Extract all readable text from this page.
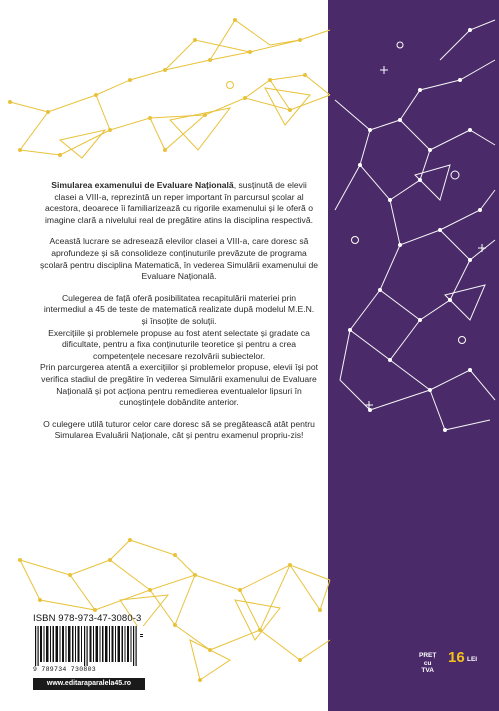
Simularea examenului de Evaluare Națională, susținută de elevii clasei a VIII-a, reprezintă un reper important în parcursul școlar al acestora, deoarece îi familiarizează cu rigorile examenului și le oferă o imagine clară a nivelului real de pregătire atins la disciplina respectivă.

Această lucrare se adresează elevilor clasei a VIII-a, care doresc să aprofundeze și să consolideze conținuturile prevăzute de programa școlară pentru disciplina Matematică, în vederea Simulării examenului de Evaluare Națională.

Culegerea de față oferă posibilitatea recapitulării materiei prin intermediul a 45 de teste de matematică realizate după modelul M.E.N. și însoțite de soluții.

Exercițiile și problemele propuse au fost atent selectate și gradate ca dificultate, pentru a fixa conținuturile teoretice și pentru a crea competențele necesare rezolvării subiectelor.

Prin parcurgerea atentă a exercițiilor și problemelor propuse, elevii își pot verifica stadiul de pregătire în vederea Simulării examenului de Evaluare Națională și pot acționa pentru remedierea eventualelor lipsuri în cunoștințele dobândite anterior.

O culegere utilă tuturor celor care doresc să se pregătească atât pentru Simularea Evaluării Naționale, cât și pentru examenul propriu-zis!

ISBN 978-973-47-3080-3
9 789734 730803
www.editaraparalela45.ro
PREȚ
cu TVA
16 LEI
